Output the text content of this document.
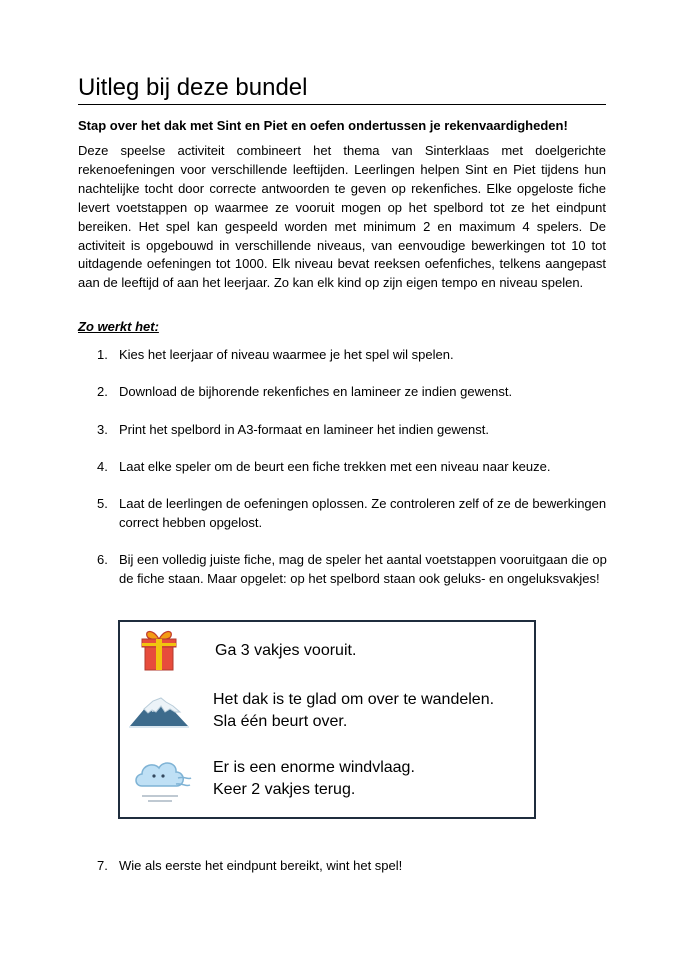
Uitleg bij deze bundel
Stap over het dak met Sint en Piet en oefen ondertussen je rekenvaardigheden!

Deze speelse activiteit combineert het thema van Sinterklaas met doelgerichte rekenoefeningen voor verschillende leeftijden. Leerlingen helpen Sint en Piet tijdens hun nachtelijke tocht door correcte antwoorden te geven op rekenfiches. Elke opgeloste fiche levert voetstappen op waarmee ze vooruit mogen op het spelbord tot ze het eindpunt bereiken. Het spel kan gespeeld worden met minimum 2 en maximum 4 spelers. De activiteit is opgebouwd in verschillende niveaus, van eenvoudige bewerkingen tot 10 tot uitdagende oefeningen tot 1000. Elk niveau bevat reeksen oefenfiches, telkens aangepast aan de leeftijd of aan het leerjaar. Zo kan elk kind op zijn eigen tempo en niveau spelen.

Zo werkt het:
1. Kies het leerjaar of niveau waarmee je het spel wil spelen.
2. Download de bijhorende rekenfiches en lamineer ze indien gewenst.
3. Print het spelbord in A3-formaat en lamineer het indien gewenst.
4. Laat elke speler om de beurt een fiche trekken met een niveau naar keuze.
5. Laat de leerlingen de oefeningen oplossen. Ze controleren zelf of ze de bewerkingen correct hebben opgelost.
6. Bij een volledig juiste fiche, mag de speler het aantal voetstappen vooruitgaan die op de fiche staan. Maar opgelet: op het spelbord staan ook geluks- en ongeluksvakjes!
Ga 3 vakjes vooruit.
Het dak is te glad om over te wandelen.
Sla één beurt over.
Er is een enorme windvlaag.
Keer 2 vakjes terug.
7. Wie als eerste het eindpunt bereikt, wint het spel!
